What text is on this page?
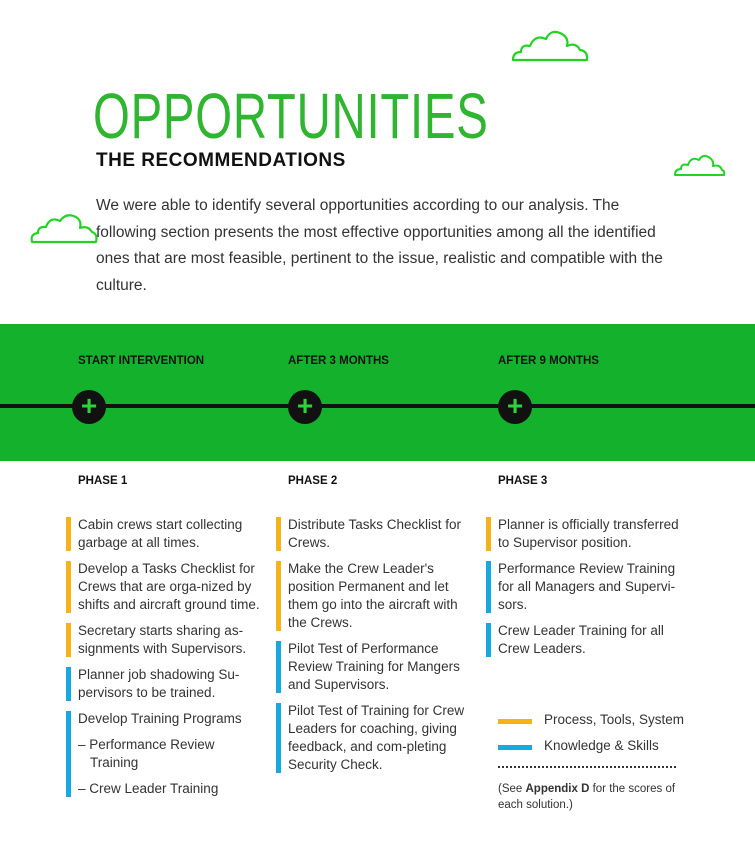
OPPORTUNITIES
THE RECOMMENDATIONS

We were able to identify several opportunities according to our analysis. The following section presents the most effective opportunities among all the identified ones that are most feasible, pertinent to the issue, realistic and compatible with the culture.

START INTERVENTION	AFTER 3 MONTHS	AFTER 9 MONTHS
+	+	+
PHASE 1	PHASE 2	PHASE 3
Cabin crews start collecting garbage at all times.
Develop a Tasks Checklist for Crews that are orga-nized by shifts and aircraft ground time.
Secretary starts sharing as-signments with Supervisors.
Planner job shadowing Su-pervisors to be trained.
Develop Training Programs
– Performance Review Training
– Crew Leader Training
Distribute Tasks Checklist for Crews.
Make the Crew Leader's position Permanent and let them go into the aircraft with the Crews.
Pilot Test of Performance Review Training for Mangers and Supervisors.
Pilot Test of Training for Crew Leaders for coaching, giving feedback, and com-pleting Security Check.
Planner is officially transferred to Supervisor position.
Performance Review Training for all Managers and Supervi-sors.
Crew Leader Training for all Crew Leaders.
Process, Tools, System
Knowledge & Skills
(See Appendix D for the scores of each solution.)
